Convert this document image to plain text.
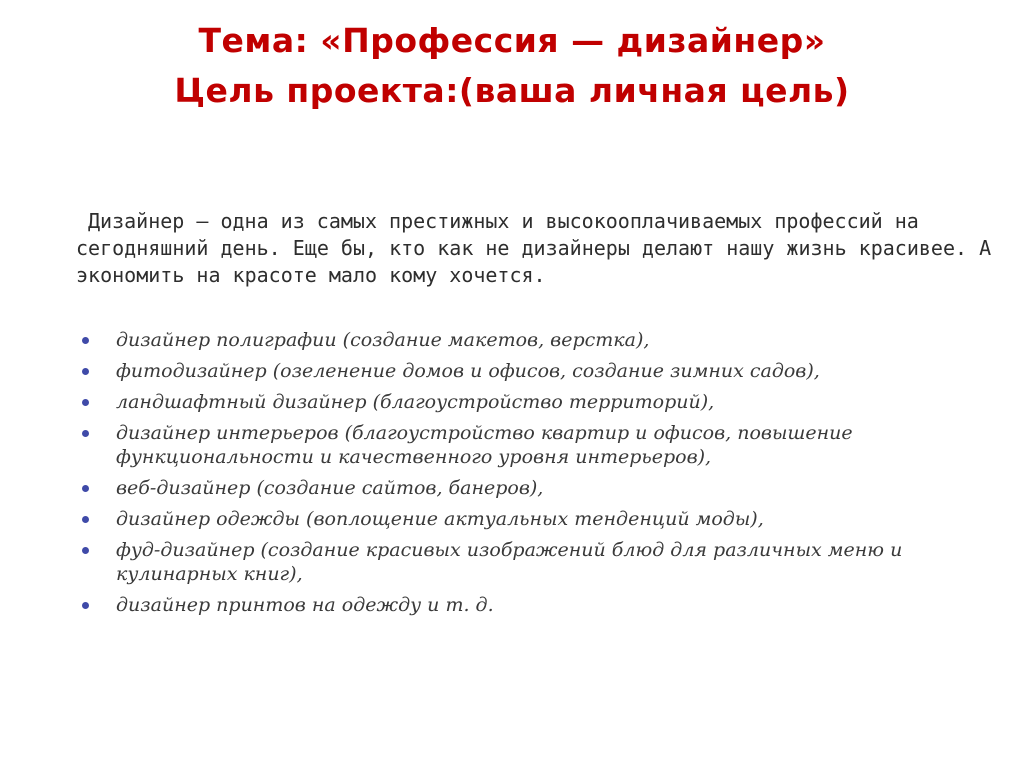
Тема: «Профессия — дизайнер»
Цель проекта:(ваша личная цель)
Дизайнер — одна из самых престижных и высокооплачиваемых профессий на сегодняшний день. Еще бы, кто как не дизайнеры делают нашу жизнь красивее. А экономить на красоте мало кому хочется.
дизайнер полиграфии (создание макетов, верстка),
фитодизайнер (озеленение домов и офисов, создание зимних садов),
ландшафтный дизайнер (благоустройство территорий),
дизайнер интерьеров (благоустройство квартир и офисов, повышение функциональности и качественного уровня интерьеров),
веб-дизайнер (создание сайтов, банеров),
дизайнер одежды (воплощение актуальных тенденций моды),
фуд-дизайнер (создание красивых изображений блюд для различных меню и кулинарных книг),
дизайнер принтов на одежду и т. д.
